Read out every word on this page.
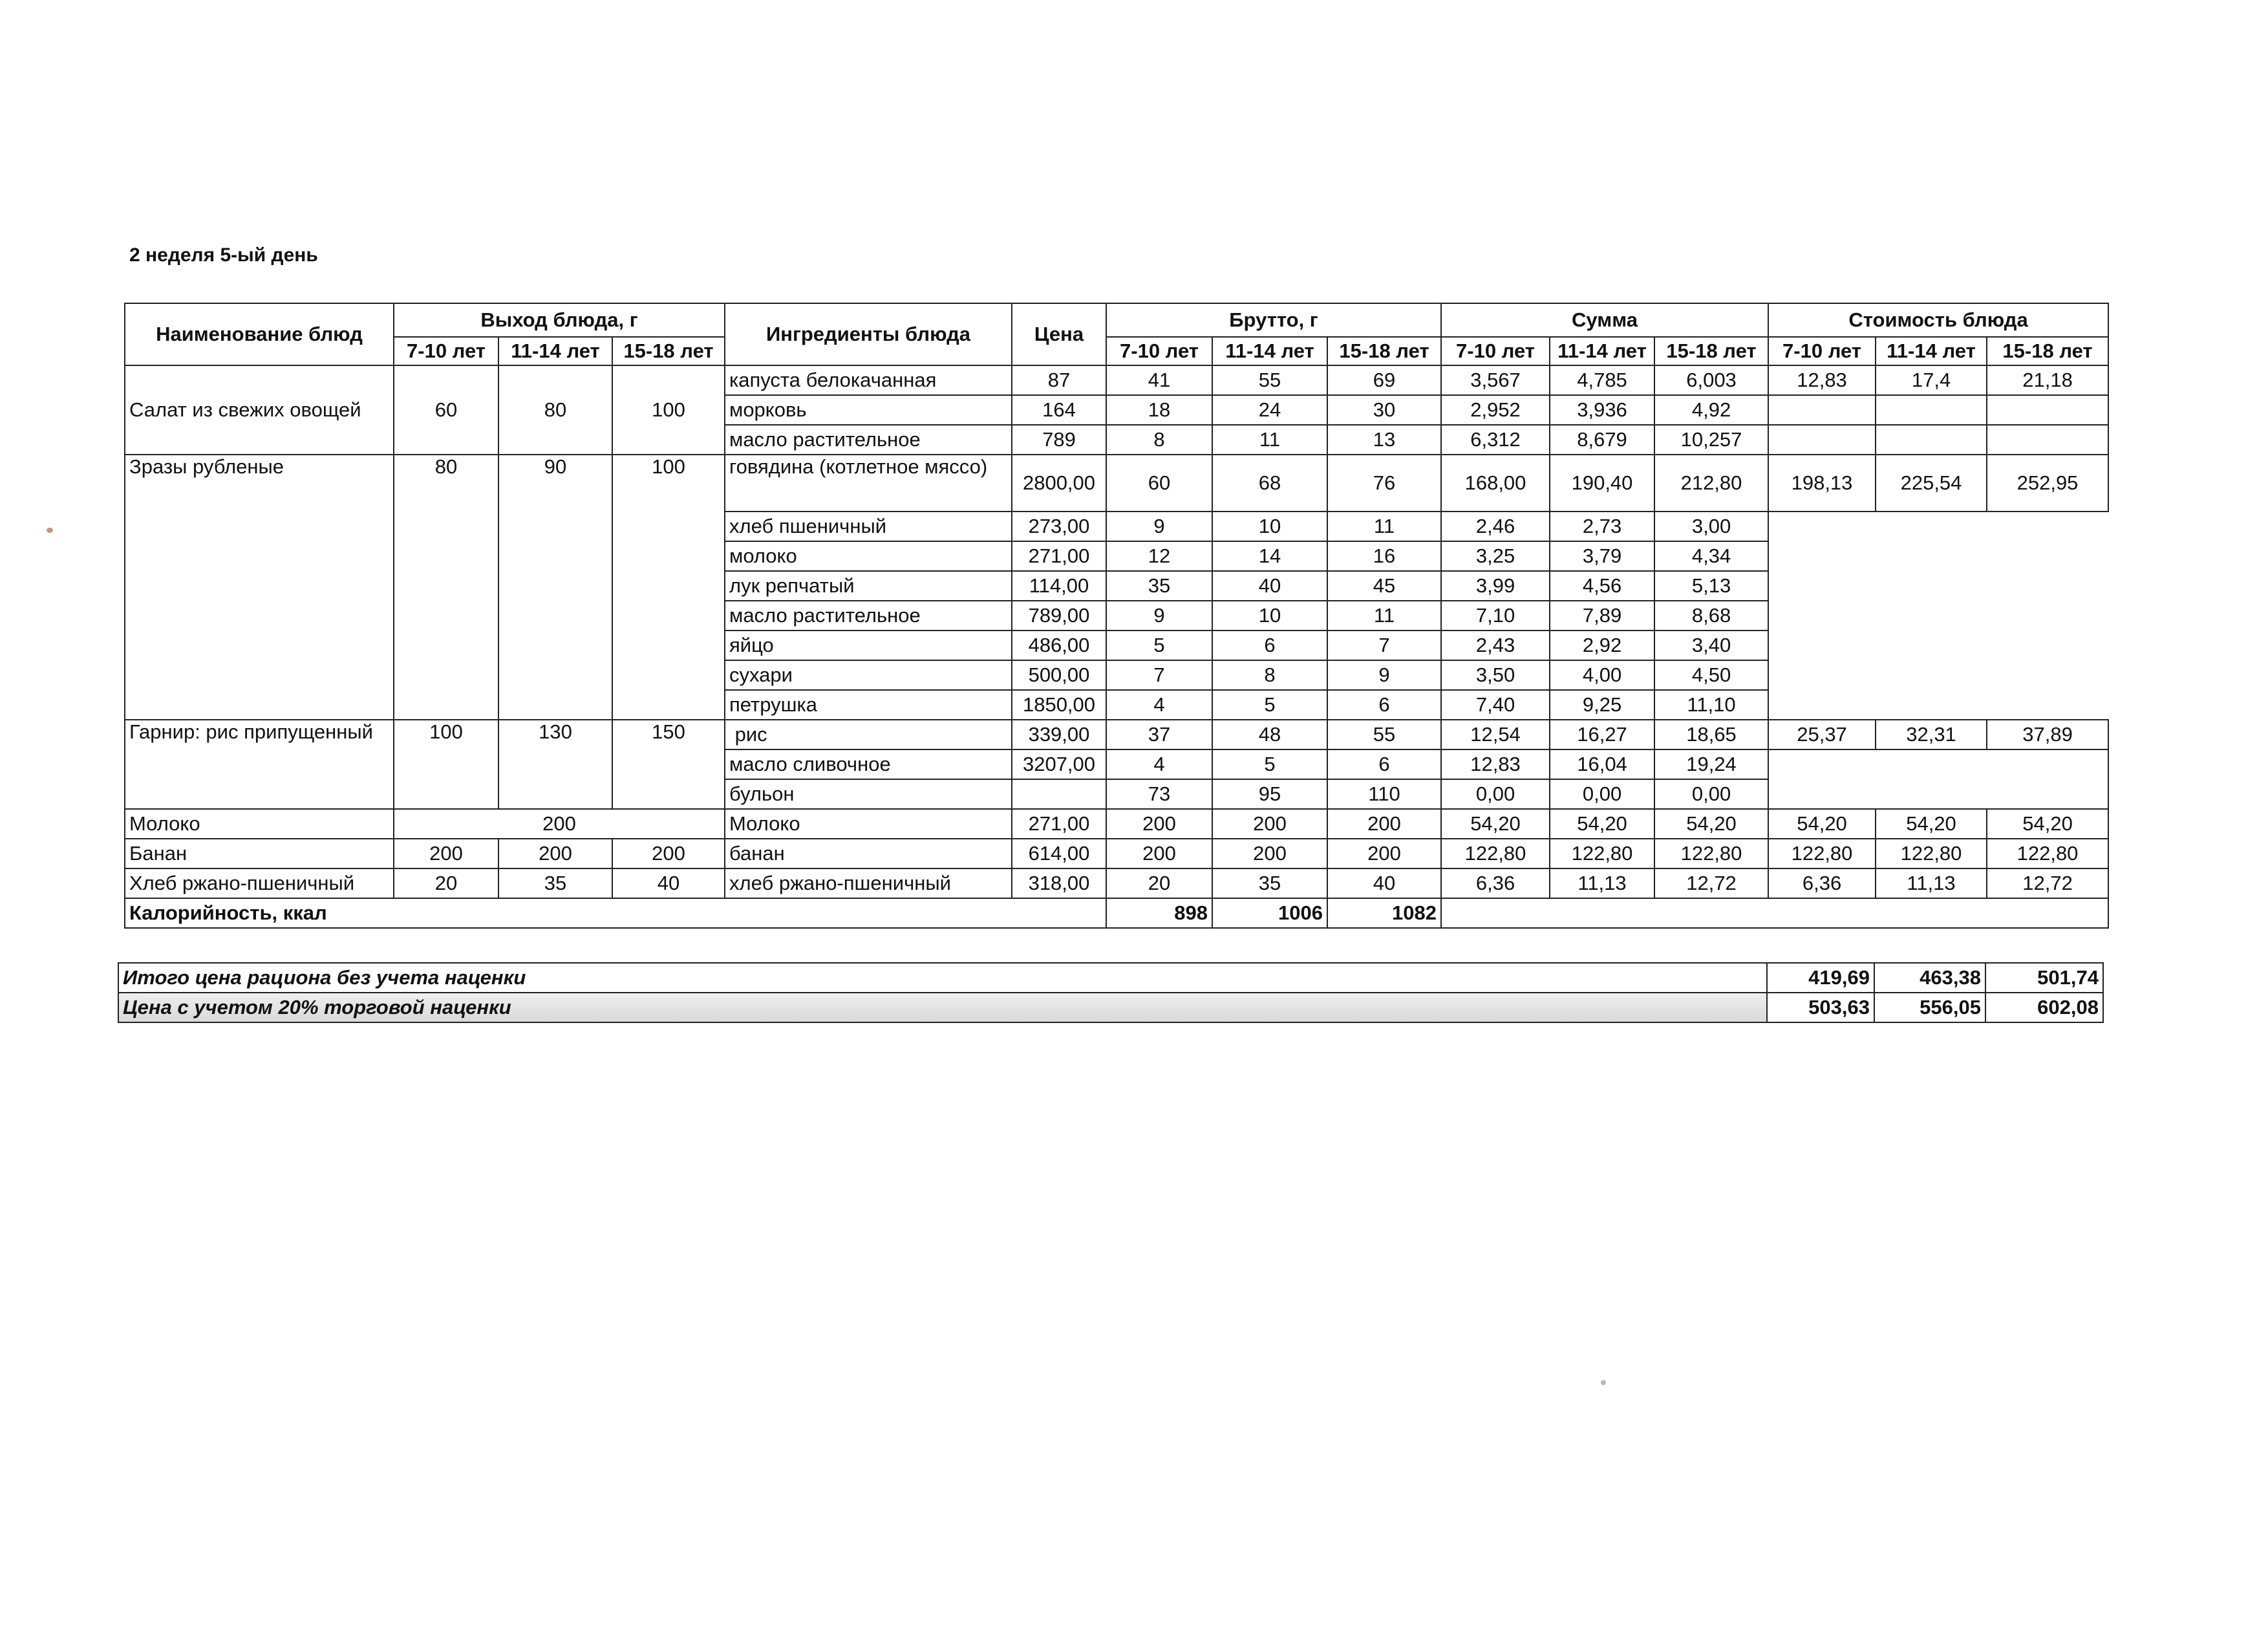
2 неделя 5-ый день
Наименование блюд	Выход блюда, г			Ингредиенты блюда	Цена	Брутто, г			Сумма			Стоимость блюда		
	7-10 лет	11-14 лет	15-18 лет			7-10 лет	11-14 лет	15-18 лет	7-10 лет	11-14 лет	15-18 лет	7-10 лет	11-14 лет	15-18 лет
Салат из свежих овощей	60	80	100	капуста белокачанная	87	41	55	69	3,567	4,785	6,003	12,83	17,4	21,18
				морковь	164	18	24	30	2,952	3,936	4,92			
				масло растительное	789	8	11	13	6,312	8,679	10,257			
Зразы рубленые	80	90	100	говядина (котлетное мяссо)	2800,00	60	68	76	168,00	190,40	212,80	198,13	225,54	252,95
				хлеб пшеничный	273,00	9	10	11	2,46	2,73	3,00			
				молоко	271,00	12	14	16	3,25	3,79	4,34			
				лук репчатый	114,00	35	40	45	3,99	4,56	5,13			
				масло растительное	789,00	9	10	11	7,10	7,89	8,68			
				яйцо	486,00	5	6	7	2,43	2,92	3,40			
				сухари	500,00	7	8	9	3,50	4,00	4,50			
				петрушка	1850,00	4	5	6	7,40	9,25	11,10			
Гарнир: рис припущенный	100	130	150	рис	339,00	37	48	55	12,54	16,27	18,65	25,37	32,31	37,89
				масло сливочное	3207,00	4	5	6	12,83	16,04	19,24			
				бульон		73	95	110	0,00	0,00	0,00			
Молоко	200			Молоко	271,00	200	200	200	54,20	54,20	54,20	54,20	54,20	54,20
Банан	200	200	200	банан	614,00	200	200	200	122,80	122,80	122,80	122,80	122,80	122,80
Хлеб ржано-пшеничный	20	35	40	хлеб ржано-пшеничный	318,00	20	35	40	6,36	11,13	12,72	6,36	11,13	12,72
Калорийность, ккал						898	1006	1082						
Итого цена рациона без учета наценки	419,69	463,38	501,74
Цена с учетом 20% торговой наценки	503,63	556,05	602,08
